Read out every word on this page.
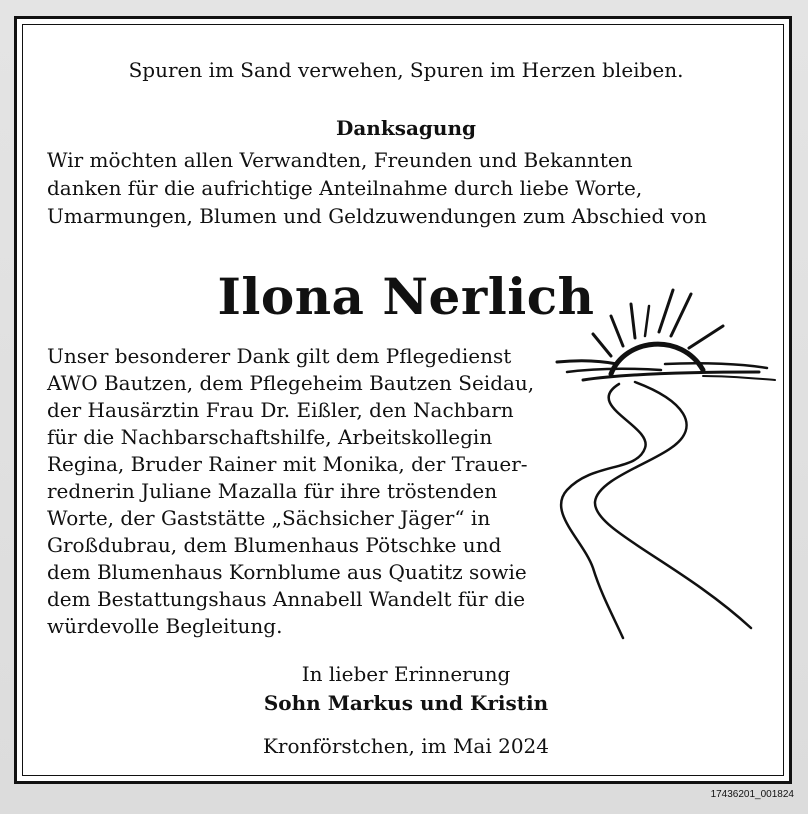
Spuren im Sand verwehen, Spuren im Herzen bleiben.
Danksagung
Wir möchten allen Verwandten, Freunden und Bekannten
danken für die aufrichtige Anteilnahme durch liebe Worte,
Umarmungen, Blumen und Geldzuwendungen zum Abschied von
Ilona Nerlich
Unser besonderer Dank gilt dem Pflegedienst
AWO Bautzen, dem Pflegeheim Bautzen Seidau,
der Hausärztin Frau Dr. Eißler, den Nachbarn
für die Nachbarschaftshilfe, Arbeitskollegin
Regina, Bruder Rainer mit Monika, der Trauer-
rednerin Juliane Mazalla für ihre tröstenden
Worte, der Gaststätte „Sächsicher Jäger“ in
Großdubrau, dem Blumenhaus Pötschke und
dem Blumenhaus Kornblume aus Quatitz sowie
dem Bestattungshaus Annabell Wandelt für die
würdevolle Begleitung.
In lieber Erinnerung
Sohn Markus und Kristin
Kronförstchen, im Mai 2024
17436201_001824
